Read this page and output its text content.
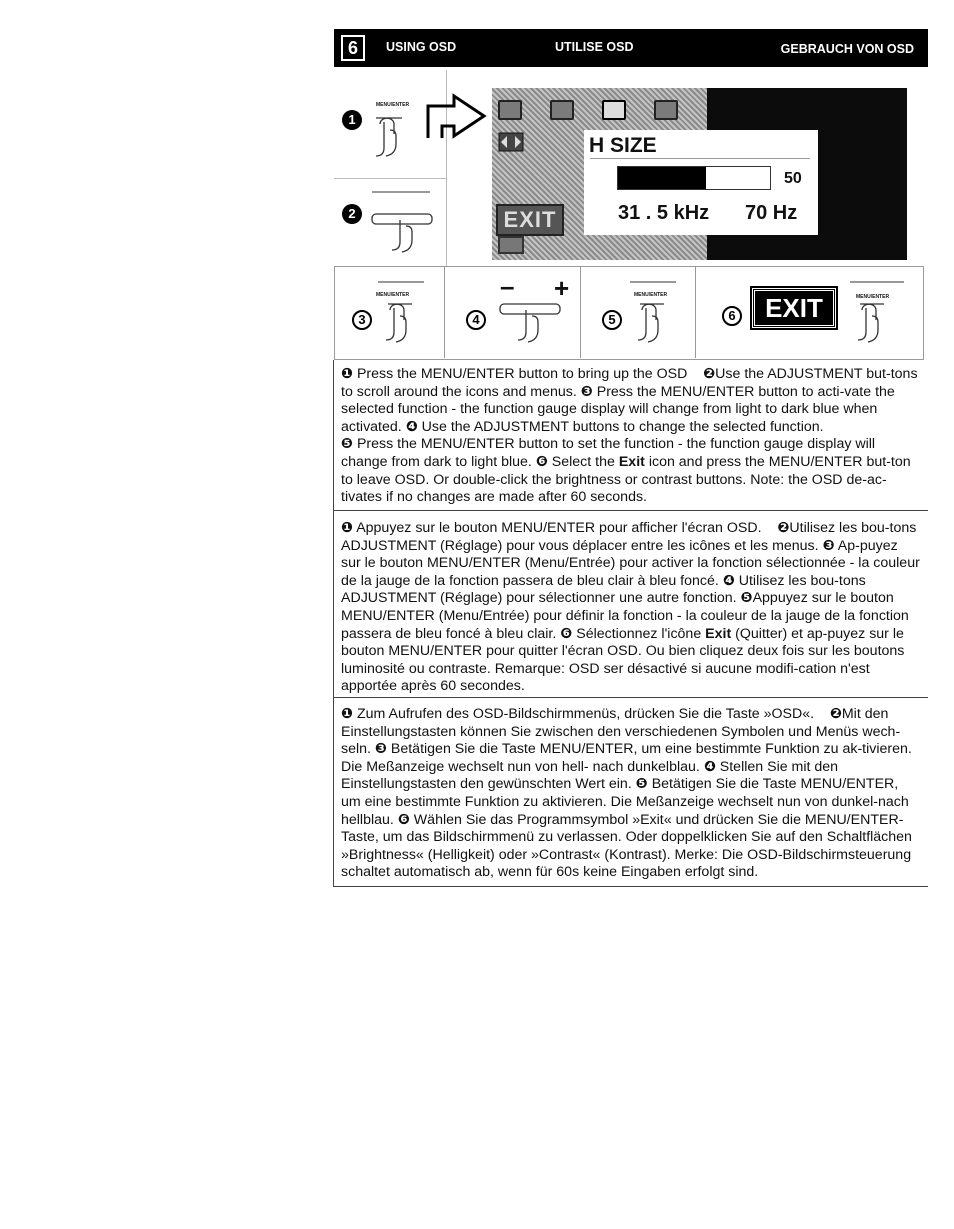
6	USING OSD	UTILISE OSD	GEBRAUCH VON OSD
1
MENU/ENTER
2
H SIZE
50
31 . 5 kHz 70 Hz
EXIT
3
MENU/ENTER
4
– +
5
MENU/ENTER
6	EXIT	MENU/ENTER
❶ Press the MENU/ENTER button to bring up the OSD ❷Use the ADJUSTMENT but-tons to scroll around the icons and menus. ❸ Press the MENU/ENTER button to acti-vate the selected function - the function gauge display will change from light to dark blue when activated. ❹ Use the ADJUSTMENT buttons to change the selected function.
❺ Press the MENU/ENTER button to set the function - the function gauge display will change from dark to light blue. ❻ Select the Exit icon and press the MENU/ENTER but-ton to leave OSD. Or double-click the brightness or contrast buttons. Note: the OSD de-ac-tivates if no changes are made after 60 seconds.
❶ Appuyez sur le bouton MENU/ENTER pour afficher l'écran OSD. ❷Utilisez les bou-tons ADJUSTMENT (Réglage) pour vous déplacer entre les icônes et les menus. ❸ Ap-puyez sur le bouton MENU/ENTER (Menu/Entrée) pour activer la fonction sélectionnée - la couleur de la jauge de la fonction passera de bleu clair à bleu foncé. ❹ Utilisez les bou-tons ADJUSTMENT (Réglage) pour sélectionner une autre fonction. ❺Appuyez sur le bouton MENU/ENTER (Menu/Entrée) pour définir la fonction - la couleur de la jauge de la fonction passera de bleu foncé à bleu clair. ❻ Sélectionnez l'icône Exit (Quitter) et ap-puyez sur le bouton MENU/ENTER pour quitter l'écran OSD. Ou bien cliquez deux fois sur les boutons luminosité ou contraste. Remarque: OSD ser désactivé si aucune modifi-cation n'est apportée après 60 secondes.
❶ Zum Aufrufen des OSD-Bildschirmmenüs, drücken Sie die Taste »OSD«. ❷Mit den Einstellungstasten können Sie zwischen den verschiedenen Symbolen und Menüs wech-seln. ❸ Betätigen Sie die Taste MENU/ENTER, um eine bestimmte Funktion zu ak-tivieren. Die Meßanzeige wechselt nun von hell- nach dunkelblau. ❹ Stellen Sie mit den Einstellungstasten den gewünschten Wert ein. ❺ Betätigen Sie die Taste MENU/ENTER, um eine bestimmte Funktion zu aktivieren. Die Meßanzeige wechselt nun von dunkel-nach hellblau. ❻ Wählen Sie das Programmsymbol »Exit« und drücken Sie die MENU/ENTER-Taste, um das Bildschirmmenü zu verlassen. Oder doppelklicken Sie auf den Schaltflächen »Brightness« (Helligkeit) oder »Contrast« (Kontrast). Merke: Die OSD-Bildschirmsteuerung schaltet automatisch ab, wenn für 60s keine Eingaben erfolgt sind.
